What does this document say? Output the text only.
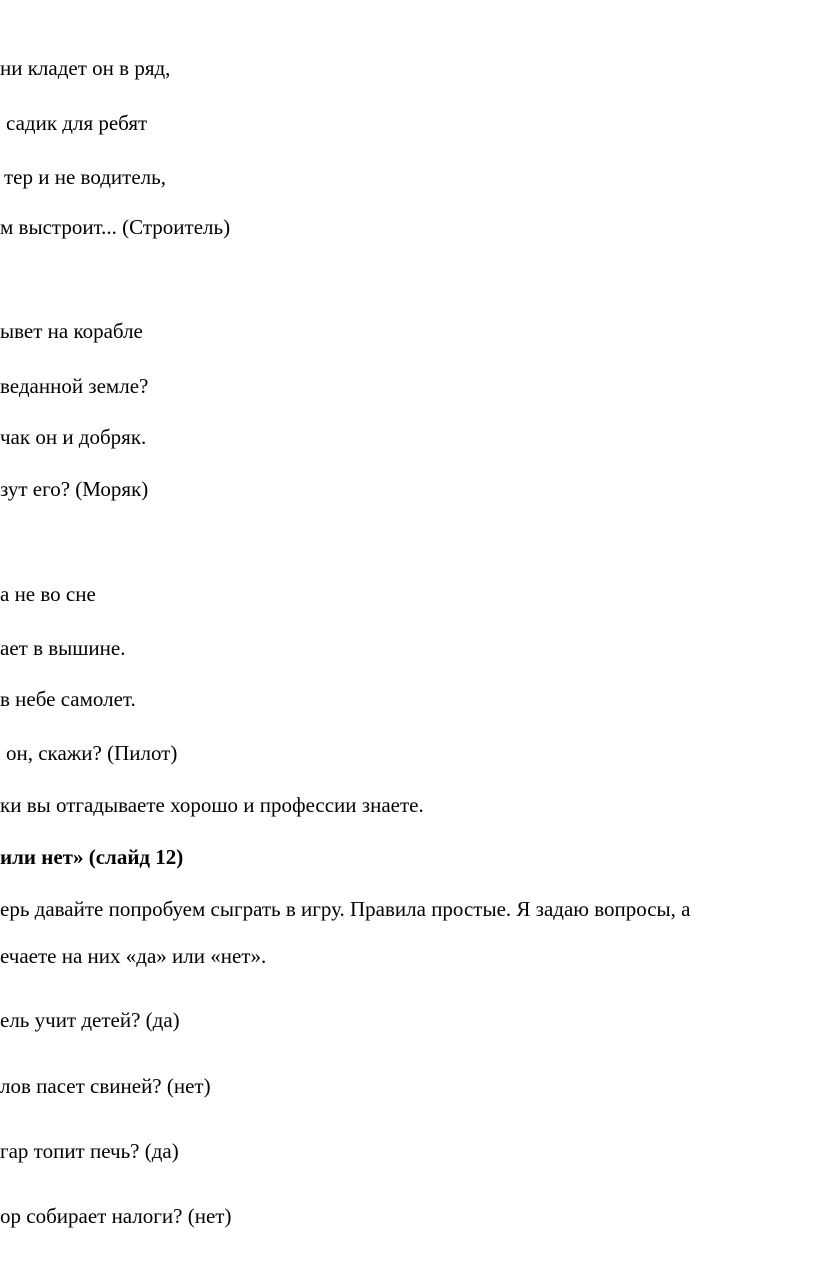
ни кладет он в ряд,

садик для ребят

тер и не водитель,

м выстроит... (Строитель)

ывет на корабле

веданной земле?

чак он и добряк.

зут его? (Моряк)

а не во сне

ает в вышине.

в небе самолет.

он, скажи? (Пилот)

ки вы отгадываете хорошо и профессии знаете.

или нет» (слайд 12)

ерь давайте попробуем сыграть в игру. Правила простые. Я задаю вопросы, а

ечаете на них «да» или «нет».

ель учит детей? (да)

лов пасет свиней? (нет)

гар топит печь? (да)

ор собирает налоги? (нет)
